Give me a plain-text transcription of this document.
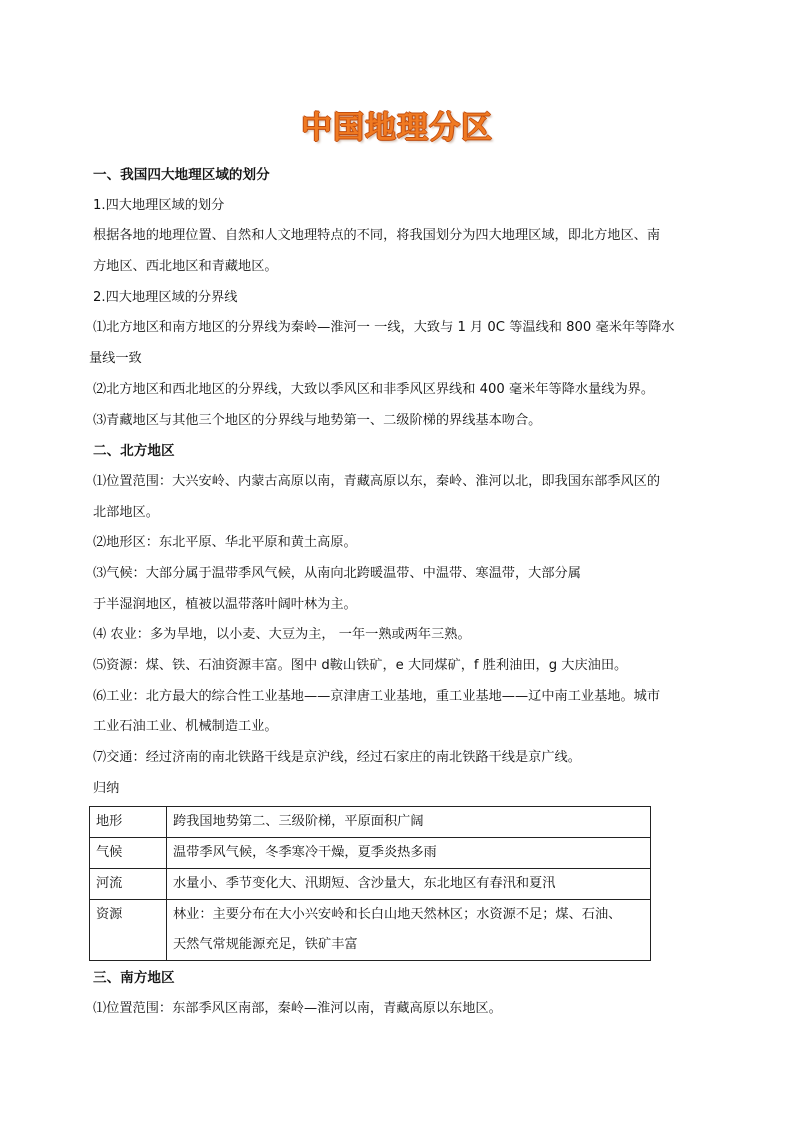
中国地理分区
一、我国四大地理区域的划分
1.四大地理区域的划分
根据各地的地理位置、自然和人文地理特点的不同，将我国划分为四大地理区域，即北方地区、南
方地区、西北地区和青藏地区。
2.四大地理区域的分界线
⑴北方地区和南方地区的分界线为秦岭—淮河一 一线，大致与 1 月 0C 等温线和 800 毫米年等降水
量线一致
⑵北方地区和西北地区的分界线，大致以季风区和非季风区界线和 400 毫米年等降水量线为界。
⑶青藏地区与其他三个地区的分界线与地势第一、二级阶梯的界线基本吻合。
二、北方地区
⑴位置范围：大兴安岭、内蒙古高原以南，青藏高原以东，秦岭、淮河以北，即我国东部季风区的
北部地区。
⑵地形区：东北平原、华北平原和黄土高原。
⑶气候：大部分属于温带季风气候，从南向北跨暖温带、中温带、寒温带，大部分属
于半湿润地区，植被以温带落叶阔叶林为主。
⑷ 农业：多为旱地，以小麦、大豆为主， 一年一熟或两年三熟。
⑸资源：煤、铁、石油资源丰富。图中 d鞍山铁矿，e 大同煤矿，f 胜利油田，g 大庆油田。
⑹工业：北方最大的综合性工业基地——京津唐工业基地，重工业基地——辽中南工业基地。城市
工业石油工业、机械制造工业。
⑺交通：经过济南的南北铁路干线是京沪线，经过石家庄的南北铁路干线是京广线。
归纳
地形	跨我国地势第二、三级阶梯，平原面积广阔
气候	温带季风气候，冬季寒冷干燥，夏季炎热多雨
河流	水量小、季节变化大、汛期短、含沙量大，东北地区有春汛和夏汛
资源	林业：主要分布在大小兴安岭和长白山地天然林区；水资源不足；煤、石油、
天然气常规能源充足，铁矿丰富
三、南方地区
⑴位置范围：东部季风区南部，秦岭—淮河以南，青藏高原以东地区。
